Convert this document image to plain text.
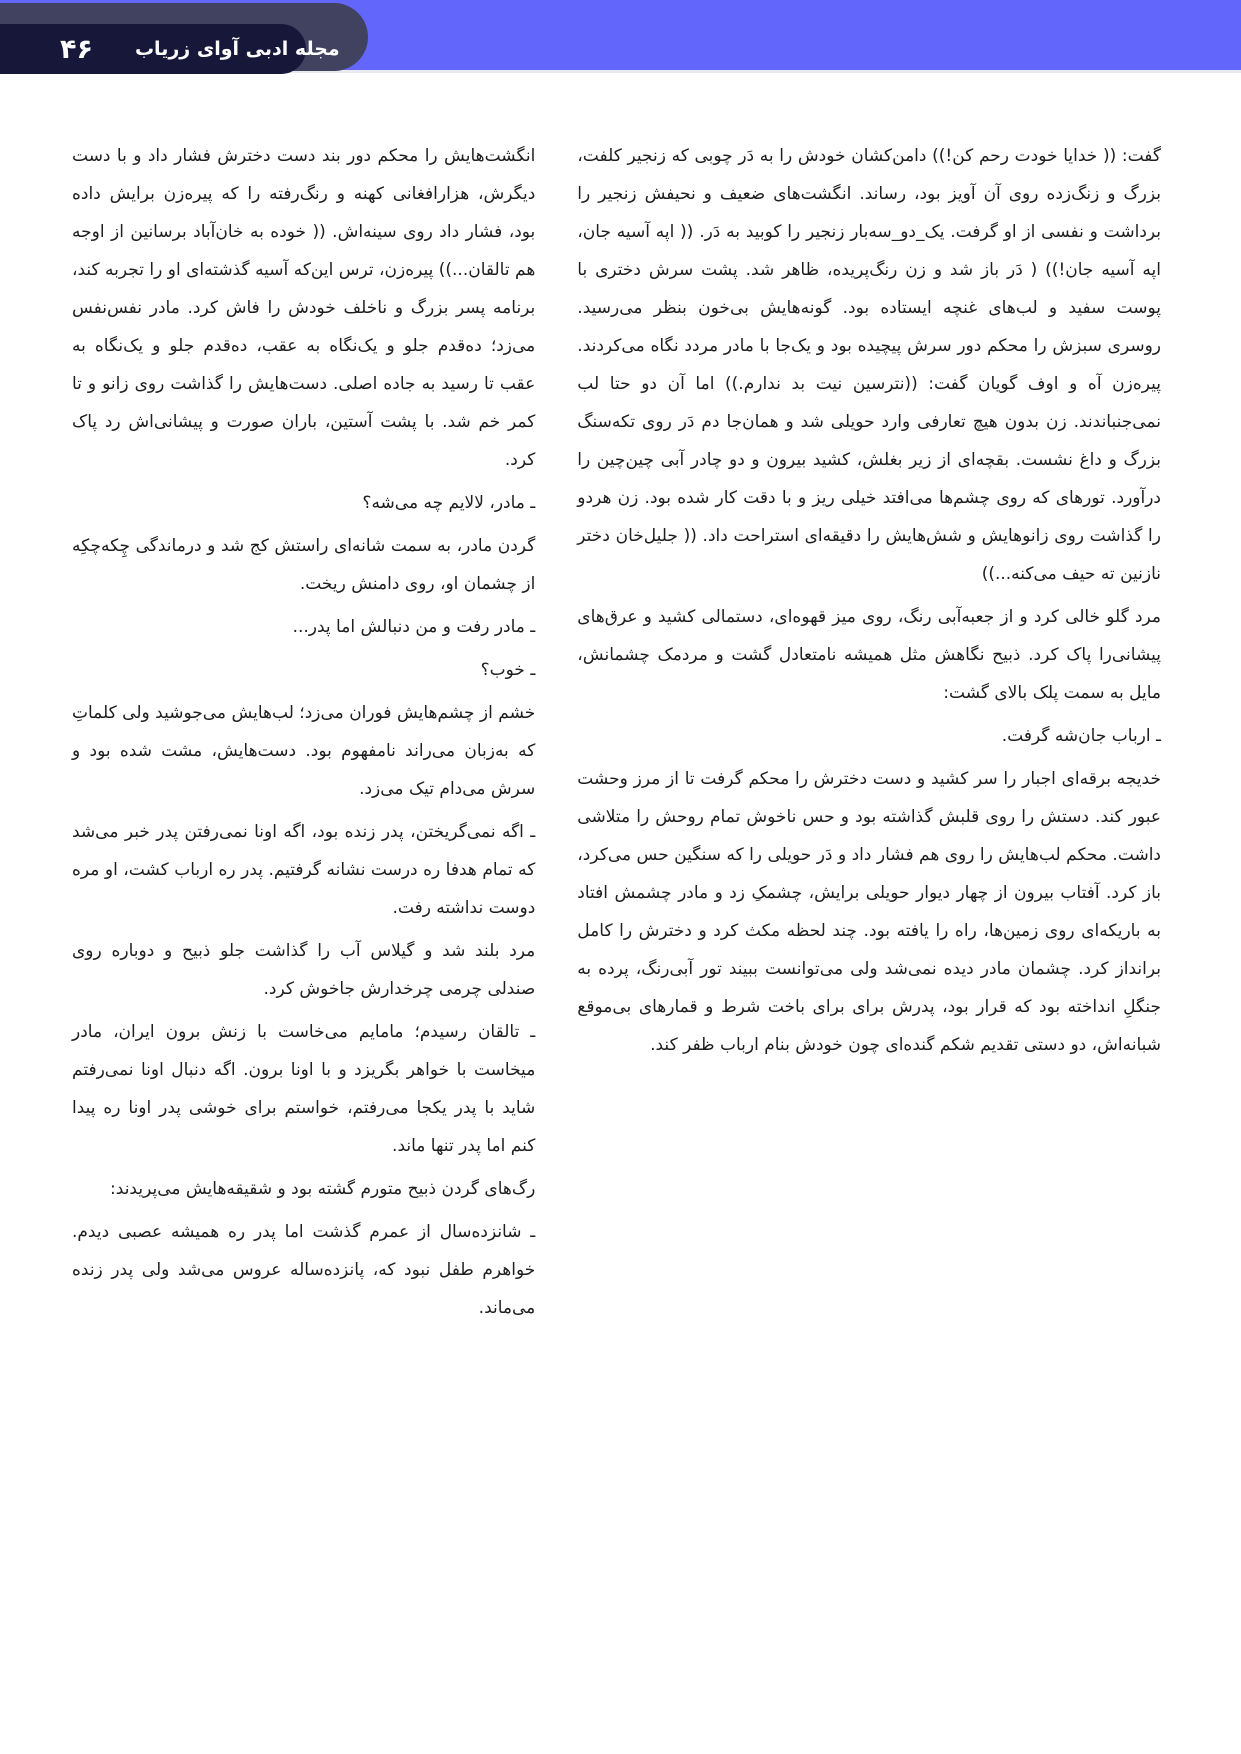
۴۶ مجله ادبی آوای زریاب

گفت: (( خدایا خودت رحم کن!)) دامن‌کشان خودش را به دَر چوبی که زنجیر کلفت، بزرگ و زنگ‌زده روی آن آویز بود، رساند. انگشت‌های ضعیف و نحیفش زنجیر را برداشت و نفسی از او گرفت. یک_دو_سه‌بار زنجیر را کوبید به دَر. (( اپه آسیه جان، اپه آسیه جان!)) ( دَر باز شد و زن رنگ‌پریده، ظاهر شد. پشت سرش دختری با پوست سفید و لب‌های غنچه ایستاده بود. گونه‌هایش بی‌خون بنظر می‌رسید. روسری سبزش را محکم دور سرش پیچیده بود و یک‌جا با مادر مردد نگاه می‌کردند. پیره‌زن آه و اوف گویان گفت: ((نترسین نیت بد ندارم.)) اما آن دو حتا لب نمی‌جنباندند. زن بدون هیچ تعارفی وارد حویلی شد و همان‌جا دم دَر روی تکه‌سنگ بزرگ و داغ نشست. بقچه‌ای از زیر بغلش، کشید بیرون و دو چادر آبی چین‌چین را درآورد. تورهای که روی چشم‌ها می‌افتد خیلی ریز و با دقت کار شده بود. زن هردو را گذاشت روی زانوهایش و شش‌هایش را دقیقه‌ای استراحت داد. (( جلیل‌خان دختر نازنین ته حیف می‌کنه...))

مرد گلو خالی کرد و از جعبه‌آبی رنگ، روی میز قهوه‌ای، دستمالی کشید و عرق‌های پیشانی‌را پاک کرد. ذبیح نگاهش مثل همیشه نامتعادل گشت و مردمک چشمانش، مایل به سمت پلک بالای گشت:

ـ ارباب جان‌شه گرفت.

خدیجه برقه‌ای اجبار را سر کشید و دست دخترش را محکم گرفت تا از مرز وحشت عبور کند. دستش را روی قلبش گذاشته بود و حس ناخوش تمام روحش را متلاشی داشت. محکم لب‌هایش را روی هم فشار داد و دَر حویلی را که سنگین حس می‌کرد، باز کرد. آفتاب بیرون از چهار دیوار حویلی برایش، چشمکِ زد و مادر چشمش افتاد به باریکه‌ای روی زمین‌ها، راه را یافته بود. چند لحظه مکث کرد و دخترش را کامل برانداز کرد. چشمان مادر دیده نمی‌شد ولی می‌توانست ببیند تور آبی‌رنگ، پرده به جنگلِ انداخته بود که قرار بود، پدرش برای برای باخت شرط و قمارهای بی‌موقع شبانه‌اش، دو دستی تقدیم شکم گنده‌ای چون خودش بنام ارباب ظفر کند.

انگشت‌هایش را محکم دور بند دست دخترش فشار داد و با دست دیگرش، هزارافغانی کهنه و رنگ‌رفته را که پیره‌زن برایش داده بود، فشار داد روی سینه‌اش. (( خوده به خان‌آباد برسانین از اوجه هم تالقان...)) پیره‌زن، ترس این‌که آسیه گذشته‌ای او را تجربه کند، برنامه پسر بزرگ و ناخلف خودش را فاش کرد. مادر نفس‌نفس می‌زد؛ ده‌قدم جلو و یک‌نگاه به عقب، ده‌قدم جلو و یک‌نگاه به عقب تا رسید به جاده اصلی. دست‌هایش را گذاشت روی زانو و تا کمر خم شد. با پشت آستین، باران صورت و پیشانی‌اش رد پاک کرد.

ـ مادر، لالایم چه می‌شه؟

گردن مادر، به سمت شانه‌ای راستش کج شد و درماندگی چِکه‌چکِه از چشمان او، روی دامنش ریخت.

ـ مادر رفت و من دنبالش اما پدر...

ـ خوب؟

خشم از چشم‌هایش فوران می‌زد؛ لب‌هایش می‌جوشید ولی کلماتِ که به‌زبان می‌راند نامفهوم بود. دست‌هایش، مشت شده بود و سرش می‌دام تیک می‌زد.

ـ اگه نمی‌گریختن، پدر زنده بود، اگه اونا نمی‌رفتن پدر خبر می‌شد که تمام هدفا ره درست نشانه گرفتیم. پدر ره ارباب کشت، او مره دوست نداشته رفت.

مرد بلند شد و گیلاس آب را گذاشت جلو ذبیح و دوباره روی صندلی چرمی چرخدارش جاخوش کرد.

ـ تالقان رسیدم؛ مامایم می‌خاست با زنش برون ایران، مادر میخاست با خواهر بگریزد و با اونا برون. اگه دنبال اونا نمی‌رفتم شاید با پدر یکجا می‌رفتم، خواستم برای خوشی پدر اونا ره پیدا کنم اما پدر تنها ماند.

رگ‌های گردن ذبیح متورم گشته بود و شقیقه‌هایش می‌پریدند:

ـ شانزده‌سال از عمرم گذشت اما پدر ره همیشه عصبی دیدم. خواهرم طفل نبود که، پانزده‌ساله عروس می‌شد ولی پدر زنده می‌ماند.
